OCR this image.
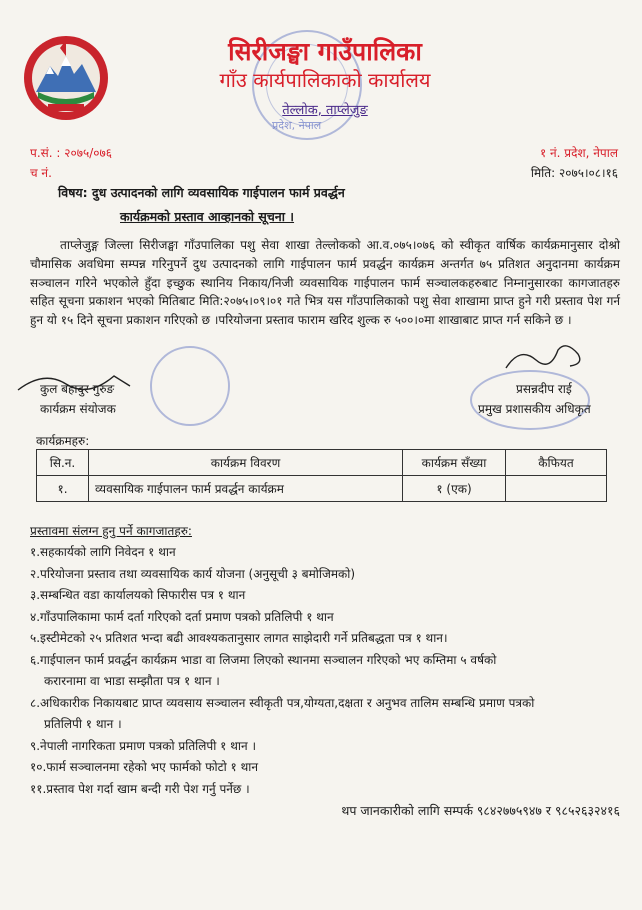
सिरीजङ्घा गाउँपालिका
गाँउ कार्यपालिकाको कार्यालय
तेल्लोक, ताप्लेजुङ
प्रदेश, नेपाल
प.सं. : २०७५/०७६
च नं.
१ नं. प्रदेश, नेपाल
मिति: २०७५।०८।१६
विषय: दुध उत्पादनको लागि व्यवसायिक गाईपालन फार्म प्रवर्द्धन
कार्यक्रमको प्रस्ताव आव्हानको सूचना ।
ताप्लेजुङ्ग जिल्ला सिरीजङ्घा गाँउपालिका पशु सेवा शाखा तेल्लोकको आ.व.०७५।०७६ को स्वीकृत वार्षिक कार्यक्रमानुसार दोश्रो चौमासिक अवधिमा सम्पन्न गरिनुपर्ने दुध उत्पादनको लागि गाईपालन फार्म प्रवर्द्धन कार्यक्रम अन्तर्गत ७५ प्रतिशत अनुदानमा कार्यक्रम सञ्चालन गरिने भएकोले हुँदा इच्छुक स्थानिय निकाय/निजी व्यवसायिक गाईपालन फार्म सञ्चालकहरुबाट निम्नानुसारका कागजातहरु सहित सूचना प्रकाशन भएको मितिबाट मिति:२०७५।०९।०१ गते भित्र यस गाँउपालिकाको पशु सेवा शाखामा प्राप्त हुने गरी प्रस्ताव पेश गर्न हुन यो १५ दिने सूचना प्रकाशन गरिएको छ ।परियोजना प्रस्ताव फाराम खरिद शुल्क रु ५००।०मा शाखाबाट प्राप्त गर्न सकिने छ ।
कुल बहादुर गुरुङ
कार्यक्रम संयोजक
प्रसन्नदीप राई
प्रमुख प्रशासकीय अधिकृत
कार्यक्रमहरु:
सि.न.	कार्यक्रम विवरण	कार्यक्रम सँख्या	कैफियत
१.	व्यवसायिक गाईपालन फार्म प्रवर्द्धन कार्यक्रम	१ (एक)	
प्रस्तावमा संलग्न हुनु पर्ने कागजातहरु:
१.सहकार्यको लागि निवेदन १ थान
२.परियोजना प्रस्ताव तथा व्यवसायिक कार्य योजना (अनुसूची ३ बमोजिमको)
३.सम्बन्धित वडा कार्यालयको सिफारीस पत्र १ थान
४.गाँउपालिकामा फार्म दर्ता गरिएको दर्ता प्रमाण पत्रको प्रतिलिपी १ थान
५.इस्टीमेटको २५ प्रतिशत भन्दा बढी आवश्यकतानुसार लागत साझेदारी गर्ने प्रतिबद्धता पत्र १ थान।
६.गाईपालन फार्म प्रवर्द्धन कार्यक्रम भाडा वा लिजमा लिएको स्थानमा सञ्चालन गरिएको भए कम्तिमा ५ वर्षको
करारनामा वा भाडा सम्झौता पत्र १ थान ।
८.अधिकारीक निकायबाट प्राप्त व्यवसाय सञ्चालन स्वीकृती पत्र,योग्यता,दक्षता र अनुभव तालिम सम्बन्धि प्रमाण पत्रको
प्रतिलिपी १ थान ।
९.नेपाली नागरिकता प्रमाण पत्रको प्रतिलिपी १ थान ।
१०.फार्म सञ्चालनमा रहेको भए फार्मको फोटो १ थान
११.प्रस्ताव पेश गर्दा खाम बन्दी गरी पेश गर्नु पर्नेछ ।
थप जानकारीको लागि सम्पर्क ९८४२७७५९४७ र ९८५२६३२४१६
